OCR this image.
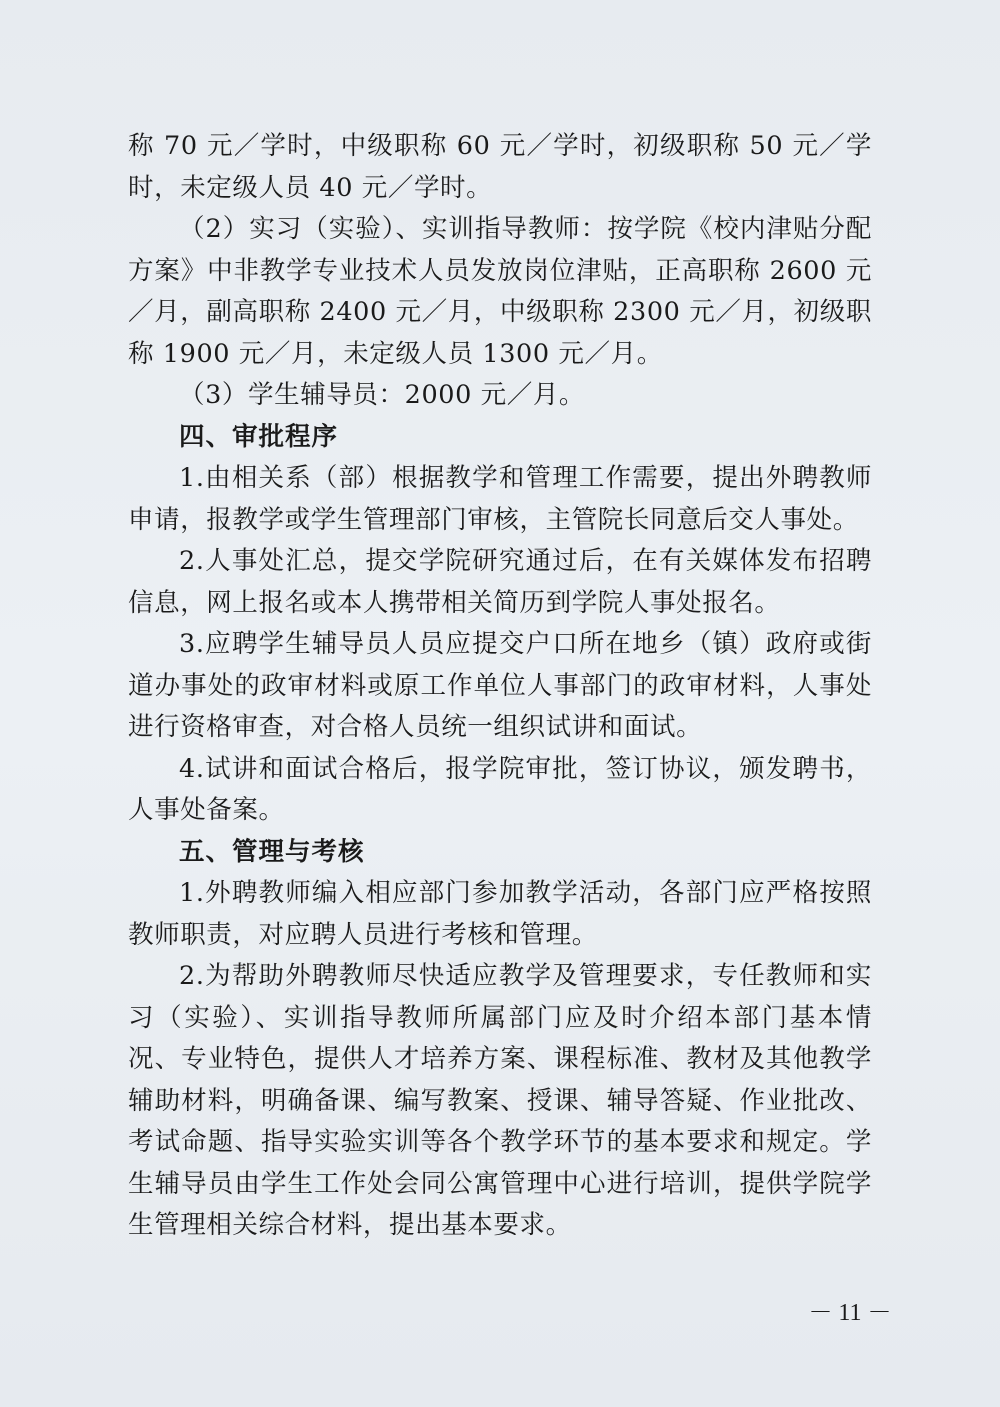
称 70 元／学时，中级职称 60 元／学时，初级职称 50 元／学时，未定级人员 40 元／学时。

（2）实习（实验）、实训指导教师：按学院《校内津贴分配方案》中非教学专业技术人员发放岗位津贴，正高职称 2600 元／月，副高职称 2400 元／月，中级职称 2300 元／月，初级职称 1900 元／月，未定级人员 1300 元／月。

（3）学生辅导员：2000 元／月。

四、审批程序

1.由相关系（部）根据教学和管理工作需要，提出外聘教师申请，报教学或学生管理部门审核，主管院长同意后交人事处。

2.人事处汇总，提交学院研究通过后，在有关媒体发布招聘信息，网上报名或本人携带相关简历到学院人事处报名。

3.应聘学生辅导员人员应提交户口所在地乡（镇）政府或街道办事处的政审材料或原工作单位人事部门的政审材料，人事处进行资格审查，对合格人员统一组织试讲和面试。

4.试讲和面试合格后，报学院审批，签订协议，颁发聘书，人事处备案。

五、管理与考核

1.外聘教师编入相应部门参加教学活动，各部门应严格按照教师职责，对应聘人员进行考核和管理。

2.为帮助外聘教师尽快适应教学及管理要求，专任教师和实习（实验）、实训指导教师所属部门应及时介绍本部门基本情况、专业特色，提供人才培养方案、课程标准、教材及其他教学辅助材料，明确备课、编写教案、授课、辅导答疑、作业批改、考试命题、指导实验实训等各个教学环节的基本要求和规定。学生辅导员由学生工作处会同公寓管理中心进行培训，提供学院学生管理相关综合材料，提出基本要求。

－ 11 －
